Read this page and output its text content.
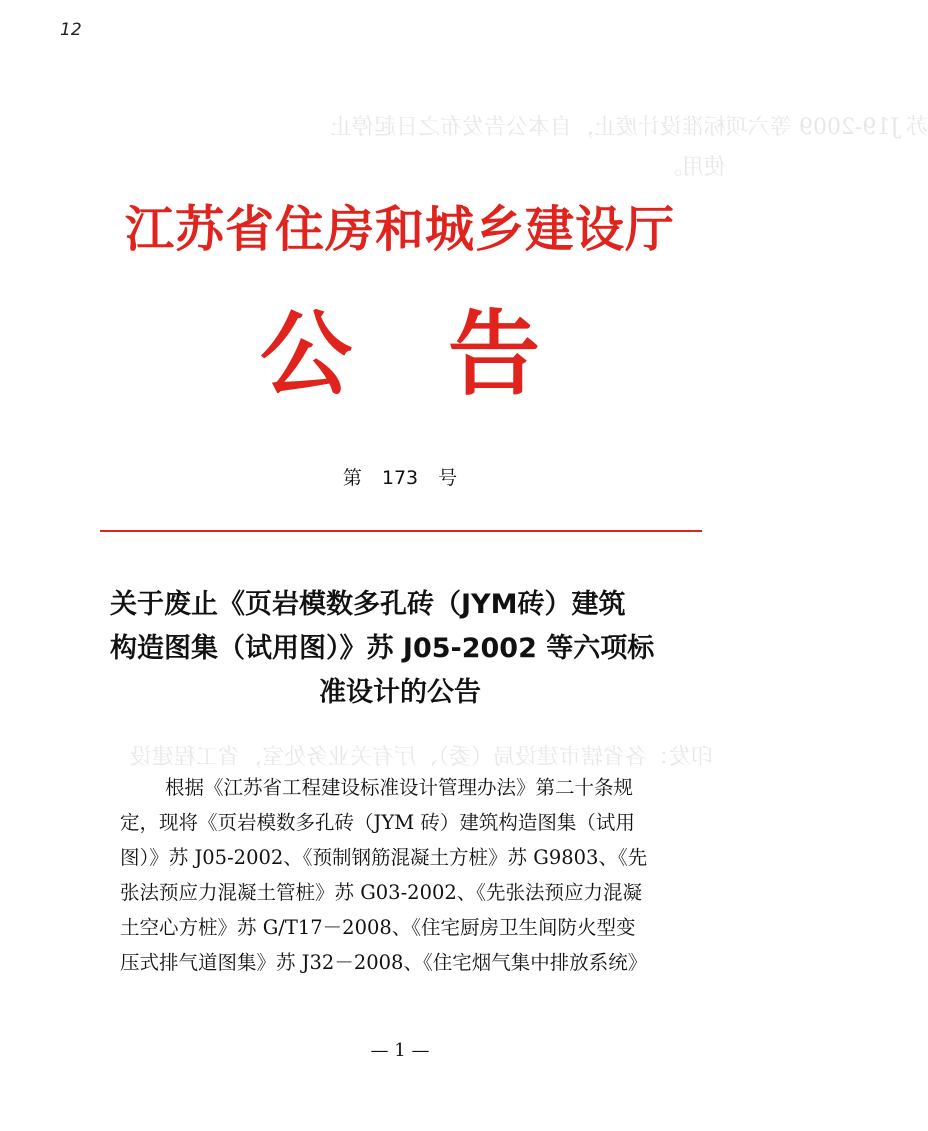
苏 J19-2009 等六项标准设计废止，自本公告发布之日起停止
使用。
印发：各省辖市建设局（委）、厅有关业务处室，省工程建设
12
江苏省住房和城乡建设厅
公告
第 173 号
关于废止《页岩模数多孔砖（JYM砖）建筑
构造图集（试用图）》苏 J05-2002 等六项标
准设计的公告
根据《江苏省工程建设标准设计管理办法》第二十条规
定，现将《页岩模数多孔砖（JYM 砖）建筑构造图集（试用
图）》苏 J05-2002、《预制钢筋混凝土方桩》苏 G9803、《先
张法预应力混凝土管桩》苏 G03-2002、《先张法预应力混凝
土空心方桩》苏 G/T17－2008、《住宅厨房卫生间防火型变
压式排气道图集》苏 J32－2008、《住宅烟气集中排放系统》
— 1 —
